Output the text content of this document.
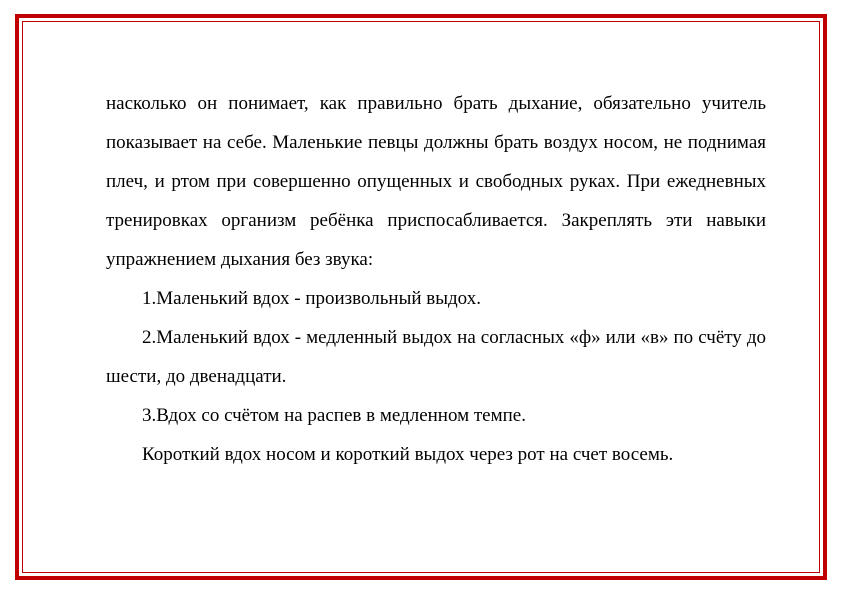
насколько он понимает, как правильно брать дыхание, обязательно учитель показывает на себе. Маленькие певцы должны брать воздух носом, не поднимая плеч, и ртом при совершенно опущенных и свободных руках. При ежедневных тренировках организм ребёнка приспосабливается. Закреплять эти навыки упражнением дыхания без звука:

1.Маленький вдох - произвольный выдох.

2.Маленький вдох - медленный выдох на согласных «ф» или «в» по счёту до шести, до двенадцати.

3.Вдох со счётом на распев в медленном темпе.

Короткий вдох носом и короткий выдох через рот на счет восемь.
